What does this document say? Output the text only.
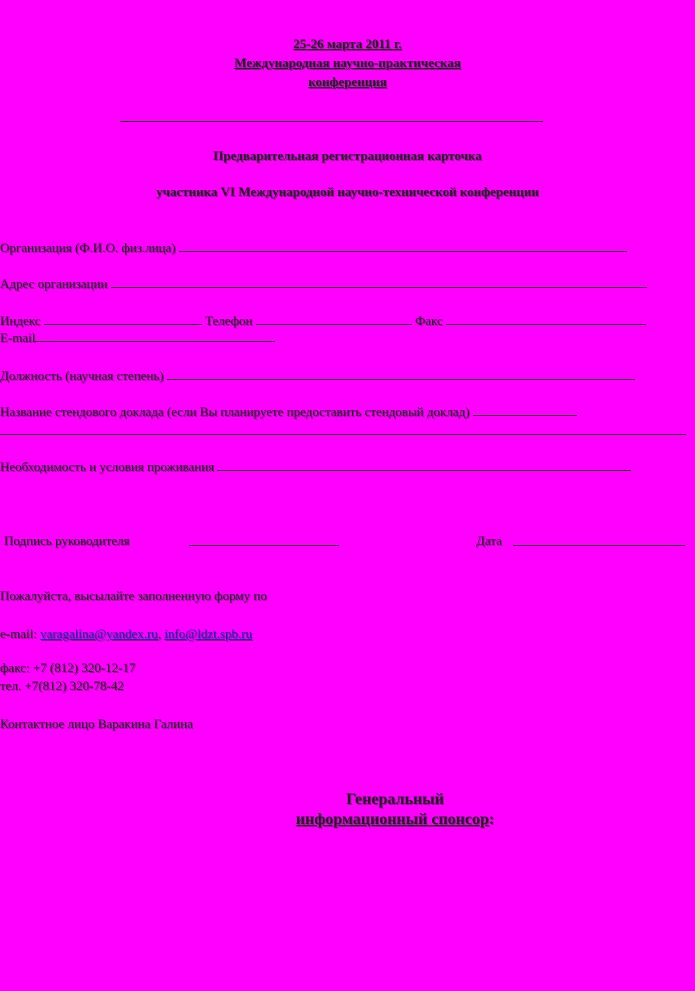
25-26 марта 2011 г.
Международная научно-практическая
конференция
Предварительная регистрационная карточка
участника VI Международной научно-технической конференции
Организация (Ф.И.О. физ.лица)
Адрес организации
Индекс	Телефон	Факс
E-mail
Должность (научная степень)
Название стендового доклада (если Вы планируете предоставить стендовый доклад)
Необходимость и условия проживания
Подпись руководителя	Дата
Пожалуйста, высылайте заполненную форму по
e-mail: varagalina@yandex.ru, info@ldzt.spb.ru
факс: +7 (812) 320-12-17
тел. +7(812) 320-78-42
Контактное лицо Варакина Галина
Генеральный
информационный спонсор:
